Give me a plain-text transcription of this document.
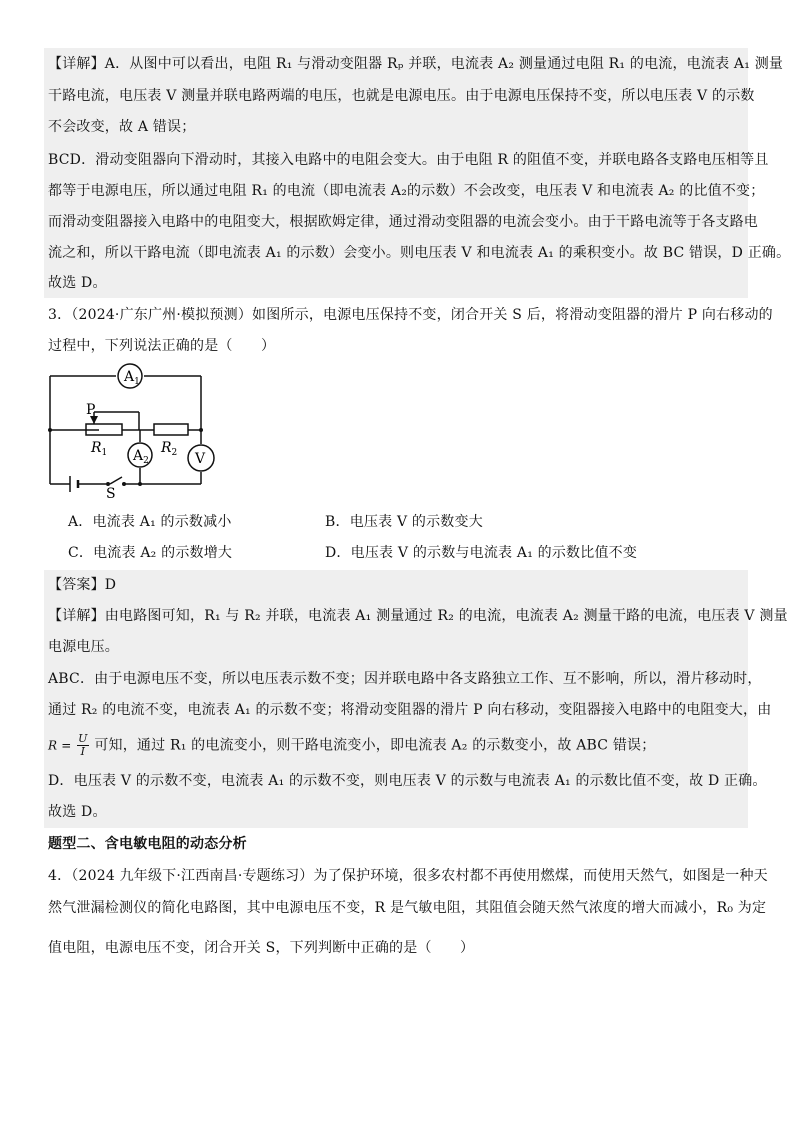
【详解】A．从图中可以看出，电阻 R₁ 与滑动变阻器 Rₚ 并联，电流表 A₂ 测量通过电阻 R₁ 的电流，电流表 A₁ 测量
干路电流，电压表 V 测量并联电路两端的电压，也就是电源电压。由于电源电压保持不变，所以电压表 V 的示数
不会改变，故 A 错误；
BCD．滑动变阻器向下滑动时，其接入电路中的电阻会变大。由于电阻 R 的阻值不变，并联电路各支路电压相等且
都等于电源电压，所以通过电阻 R₁ 的电流（即电流表 A₂的示数）不会改变，电压表 V 和电流表 A₂ 的比值不变；
而滑动变阻器接入电路中的电阻变大，根据欧姆定律，通过滑动变阻器的电流会变小。由于干路电流等于各支路电
流之和，所以干路电流（即电流表 A₁ 的示数）会变小。则电压表 V 和电流表 A₁ 的乘积变小。故 BC 错误，D 正确。
故选 D。
3．（2024·广东广州·模拟预测）如图所示，电源电压保持不变，闭合开关 S 后，将滑动变阻器的滑片 P 向右移动的
过程中，下列说法正确的是（　　）
$A_1$
$A_2$	V
P
$R_1$	$R_2$
S
A．电流表 A₁ 的示数减小	B．电压表 V 的示数变大
C．电流表 A₂ 的示数增大	D．电压表 V 的示数与电流表 A₁ 的示数比值不变
【答案】D
【详解】由电路图可知，R₁ 与 R₂ 并联，电流表 A₁ 测量通过 R₂ 的电流，电流表 A₂ 测量干路的电流，电压表 V 测量
电源电压。
ABC．由于电源电压不变，所以电压表示数不变；因并联电路中各支路独立工作、互不影响，所以，滑片移动时，
通过 R₂ 的电流不变，电流表 A₁ 的示数不变；将滑动变阻器的滑片 P 向右移动，变阻器接入电路中的电阻变大，由
$R = \frac{U}{I}$ 可知，通过 R₁ 的电流变小，则干路电流变小，即电流表 A₂ 的示数变小，故 ABC 错误；
D．电压表 V 的示数不变，电流表 A₁ 的示数不变，则电压表 V 的示数与电流表 A₁ 的示数比值不变，故 D 正确。
故选 D。
题型二、含电敏电阻的动态分析
4．（2024 九年级下·江西南昌·专题练习）为了保护环境，很多农村都不再使用燃煤，而使用天然气，如图是一种天
然气泄漏检测仪的简化电路图，其中电源电压不变，R 是气敏电阻，其阻值会随天然气浓度的增大而减小，R₀ 为定
值电阻，电源电压不变，闭合开关 S，下列判断中正确的是（　　）
